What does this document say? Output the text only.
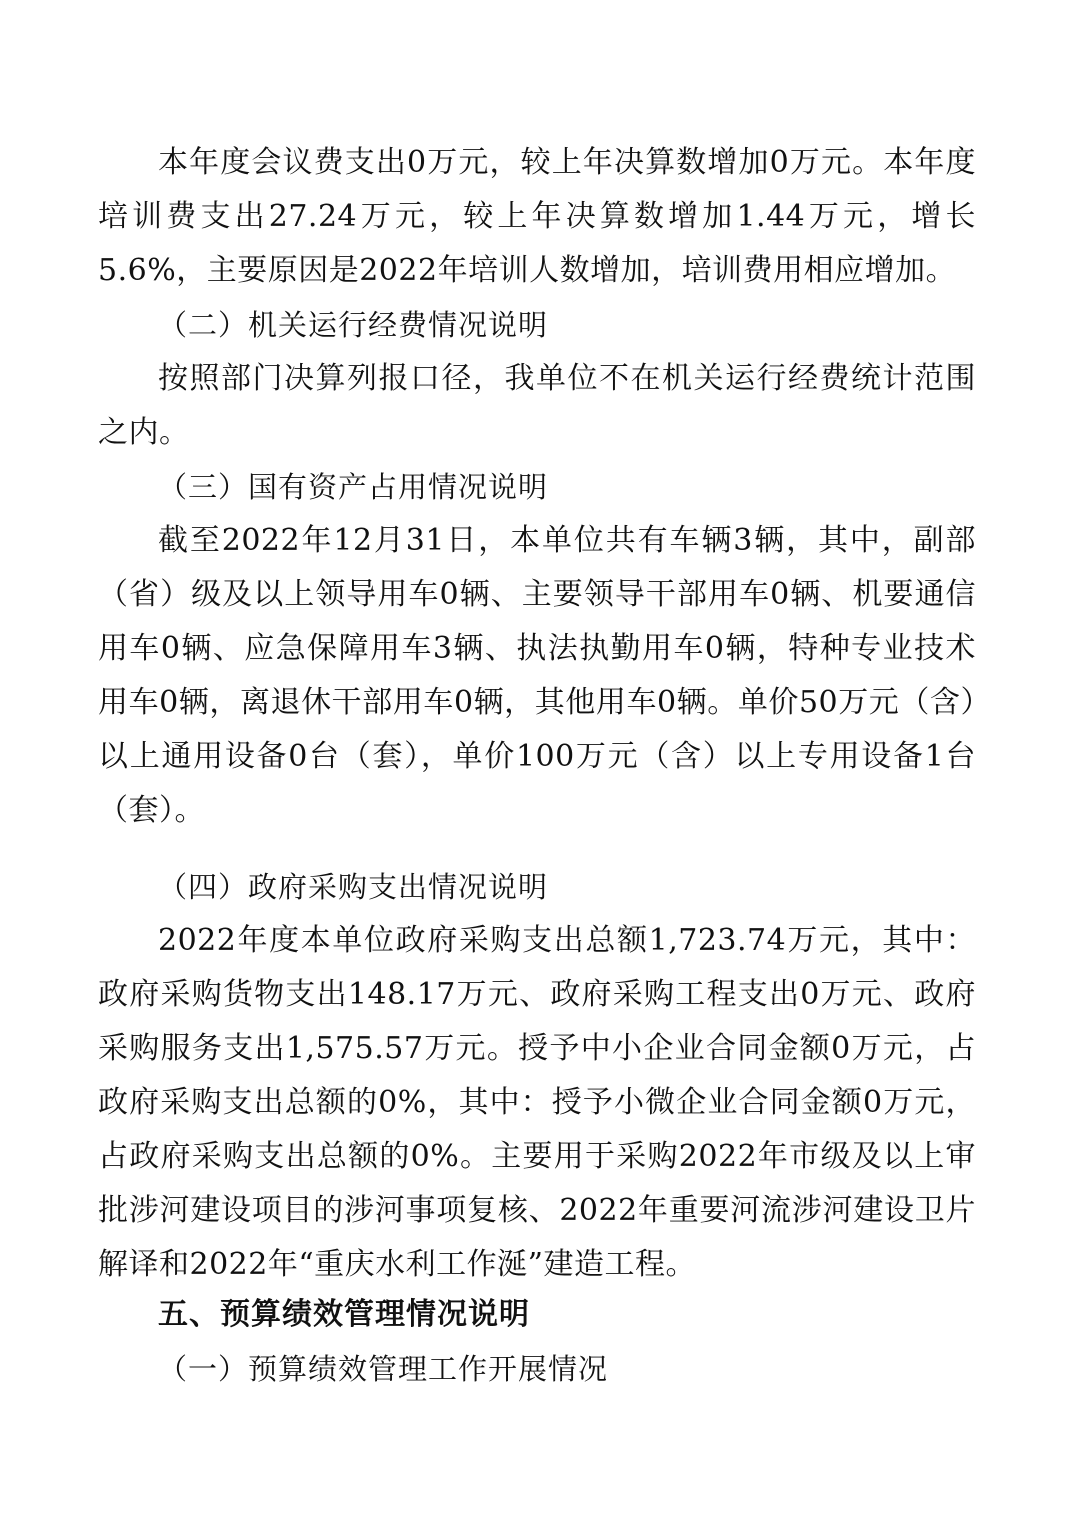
本年度会议费支出0万元，较上年决算数增加0万元。本年度培训费支出27.24万元，较上年决算数增加1.44万元，增长5.6%，主要原因是2022年培训人数增加，培训费用相应增加。

（二）机关运行经费情况说明

按照部门决算列报口径，我单位不在机关运行经费统计范围之内。

（三）国有资产占用情况说明

截至2022年12月31日，本单位共有车辆3辆，其中，副部（省）级及以上领导用车0辆、主要领导干部用车0辆、机要通信用车0辆、应急保障用车3辆、执法执勤用车0辆，特种专业技术用车0辆，离退休干部用车0辆，其他用车0辆。单价50万元（含）以上通用设备0台（套），单价100万元（含）以上专用设备1台（套）。

（四）政府采购支出情况说明

2022年度本单位政府采购支出总额1,723.74万元，其中：政府采购货物支出148.17万元、政府采购工程支出0万元、政府采购服务支出1,575.57万元。授予中小企业合同金额0万元，占政府采购支出总额的0%，其中：授予小微企业合同金额0万元，占政府采购支出总额的0%。主要用于采购2022年市级及以上审批涉河建设项目的涉河事项复核、2022年重要河流涉河建设卫片解译和2022年“重庆水利工作涎”建造工程。

五、预算绩效管理情况说明

（一）预算绩效管理工作开展情况
